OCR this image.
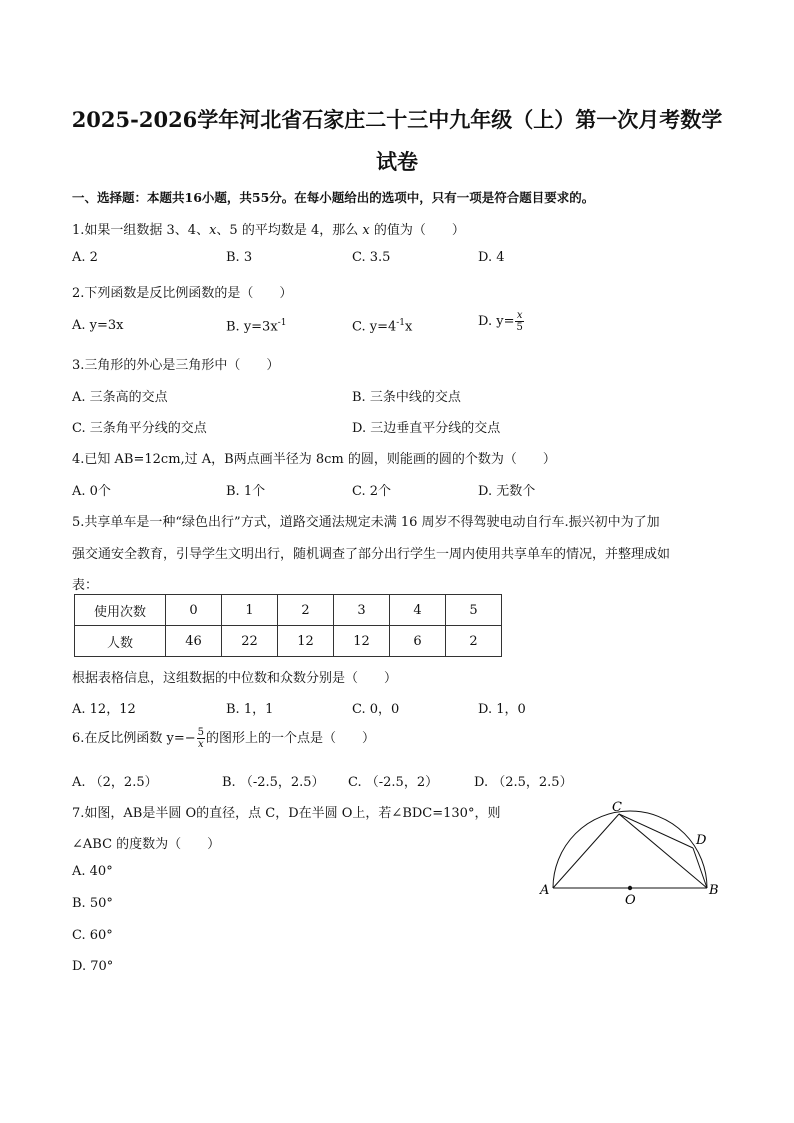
2025-2026学年河北省石家庄二十三中九年级（上）第一次月考数学
试卷
一、选择题：本题共16小题，共55分。在每小题给出的选项中，只有一项是符合题目要求的。
1.如果一组数据 3、4、x、5 的平均数是 4，那么 x 的值为（　　）
A. 2	B. 3	C. 3.5	D. 4
2.下列函数是反比例函数的是（　　）
A. y=3x	B. $y=3x^{-1}$	C. $y=4^{-1}x$	D. $y= \frac{x}{5}$
3.三角形的外心是三角形中（　　）
A. 三条高的交点	B. 三条中线的交点
C. 三条角平分线的交点	D. 三边垂直平分线的交点
4.已知 AB=12cm,过 A，B两点画半径为 8cm 的圆，则能画的圆的个数为（　　）
A. 0个	B. 1个	C. 2个	D. 无数个
5.共享单车是一种“绿色出行”方式，道路交通法规定未满 16 周岁不得驾驶电动自行车.振兴初中为了加
强交通安全教育，引导学生文明出行，随机调查了部分出行学生一周内使用共享单车的情况，并整理成如
表：
使用次数	0	1	2	3	4	5
人数	46	22	12	12	6	2
根据表格信息，这组数据的中位数和众数分别是（　　）
A. 12，12	B. 1，1	C. 0，0	D. 1，0
6.在反比例函数 $y=- \frac{5}{x}$ 的图形上的一个点是（　　）
A. （2，2.5）	B. （-2.5，2.5） C. （-2.5，2）	D. （2.5，2.5）
7.如图，AB是半圆 O的直径，点 C，D在半圆 O上，若∠BDC=130°，则
∠ABC 的度数为（　　）
A. 40°
B. 50°
C. 60°
D. 70°
A	B
C
D
O
